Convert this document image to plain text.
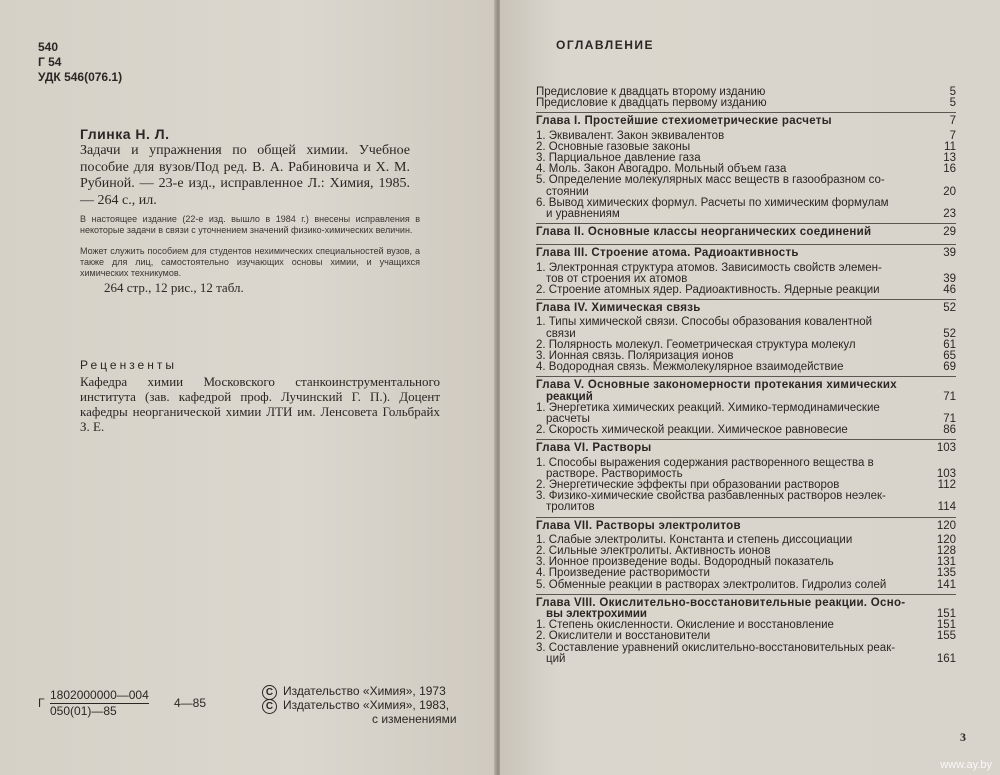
540
Г 54
УДК 546(076.1)
Глинка Н. Л.
Задачи и упражнения по общей химии. Учебное пособие для вузов/Под ред. В. А. Рабиновича и Х. М. Рубиной. — 23-е изд., исправленное Л.: Химия, 1985. — 264 с., ил.
В настоящее издание (22-е изд. вышло в 1984 г.) внесены исправления в некоторые задачи в связи с уточнением значений физико-химических величин.
Может служить пособием для студентов нехимических специальностей вузов, а также для лиц, самостоятельно изучающих основы химии, и учащихся химических техникумов.
264 стр., 12 рис., 12 табл.
Рецензенты
Кафедра химии Московского станкоинструментального института (зав. кафедрой проф. Лучинский Г. П.). Доцент кафедры неорганической химии ЛТИ им. Ленсовета Гольбрайх З. Е.
Г
1802000000—004
050(01)—85
4—85
C Издательство «Химия», 1973
C Издательство «Химия», 1983,
с изменениями
ОГЛАВЛЕНИЕ
Предисловие к двадцать второму изданию	5
Предисловие к двадцать первому изданию	5
Глава I. Простейшие стехиометрические расчеты	7
1. Эквивалент. Закон эквивалентов	7
2. Основные газовые законы	11
3. Парциальное давление газа	13
4. Моль. Закон Авогадро. Мольный объем газа	16
5. Определение молекулярных масс веществ в газообразном со-
стоянии	20
6. Вывод химических формул. Расчеты по химическим формулам
и уравнениям	23
Глава II. Основные классы неорганических соединений	29
Глава III. Строение атома. Радиоактивность	39
1. Электронная структура атомов. Зависимость свойств элемен-
тов от строения их атомов	39
2. Строение атомных ядер. Радиоактивность. Ядерные реакции	46
Глава IV. Химическая связь	52
1. Типы химической связи. Способы образования ковалентной
связи	52
2. Полярность молекул. Геометрическая структура молекул	61
3. Ионная связь. Поляризация ионов	65
4. Водородная связь. Межмолекулярное взаимодействие	69
Глава V. Основные закономерности протекания химических
реакций	71
1. Энергетика химических реакций. Химико-термодинамические
расчеты	71
2. Скорость химической реакции. Химическое равновесие	86
Глава VI. Растворы	103
1. Способы выражения содержания растворенного вещества в
растворе. Растворимость	103
2. Энергетические эффекты при образовании растворов	112
3. Физико-химические свойства разбавленных растворов неэлек-
тролитов	114
Глава VII. Растворы электролитов	120
1. Слабые электролиты. Константа и степень диссоциации	120
2. Сильные электролиты. Активность ионов	128
3. Ионное произведение воды. Водородный показатель	131
4. Произведение растворимости	135
5. Обменные реакции в растворах электролитов. Гидролиз солей	141
Глава VIII. Окислительно-восстановительные реакции. Осно-
вы электрохимии	151
1. Степень окисленности. Окисление и восстановление	151
2. Окислители и восстановители	155
3. Составление уравнений окислительно-восстановительных реак-
ций	161
3
www.ay.by
